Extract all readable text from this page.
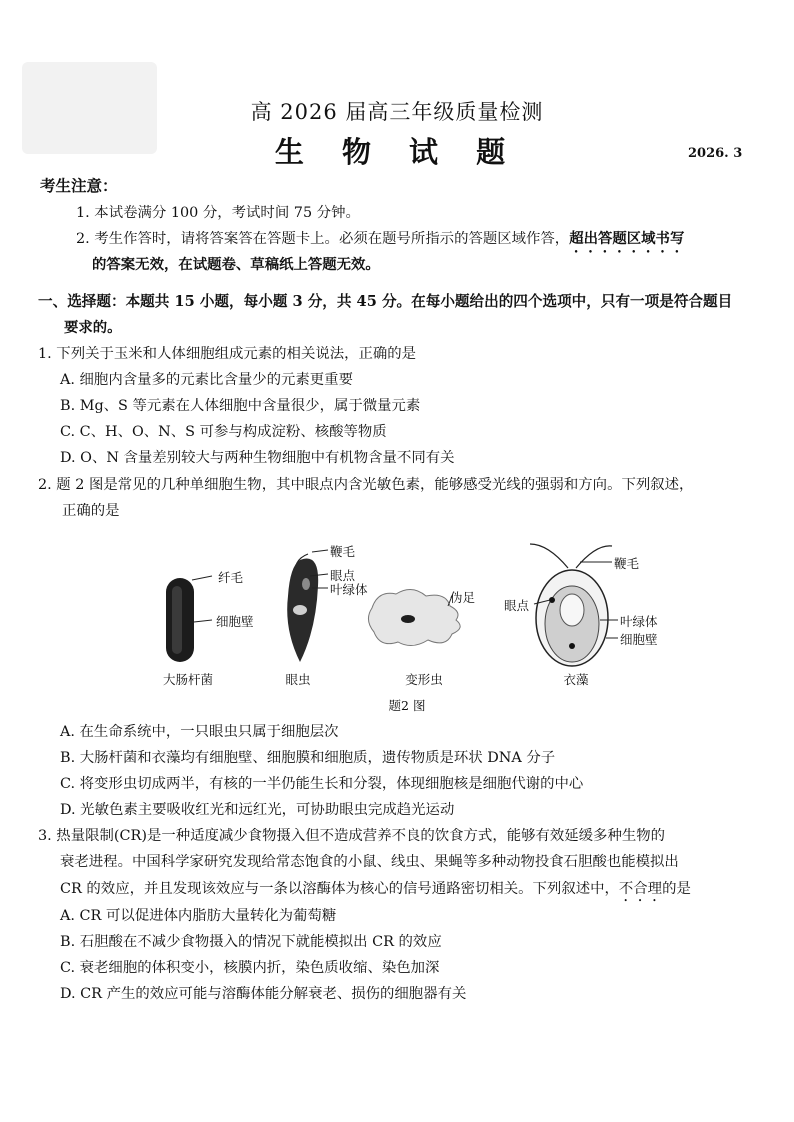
高 2026 届高三年级质量检测
生 物 试 题	2026. 3
考生注意：
1. 本试卷满分 100 分，考试时间 75 分钟。
2. 考生作答时，请将答案答在答题卡上。必须在题号所指示的答题区域作答，超出答题区域书写
的答案无效，在试题卷、草稿纸上答题无效。
一、选择题：本题共 15 小题，每小题 3 分，共 45 分。在每小题给出的四个选项中，只有一项是符合题目
要求的。
1. 下列关于玉米和人体细胞组成元素的相关说法，正确的是
A. 细胞内含量多的元素比含量少的元素更重要
B. Mg、S 等元素在人体细胞中含量很少，属于微量元素
C. C、H、O、N、S 可参与构成淀粉、核酸等物质
D. O、N 含量差别较大与两种生物细胞中有机物含量不同有关
2. 题 2 图是常见的几种单细胞生物，其中眼点内含光敏色素，能够感受光线的强弱和方向。下列叙述，
正确的是
纤毛
细胞壁
鞭毛
眼点
叶绿体
伪足
鞭毛
眼点
叶绿体
细胞壁
大肠杆菌	眼虫	变形虫	衣藻
题2 图
A. 在生命系统中，一只眼虫只属于细胞层次
B. 大肠杆菌和衣藻均有细胞壁、细胞膜和细胞质，遗传物质是环状 DNA 分子
C. 将变形虫切成两半，有核的一半仍能生长和分裂，体现细胞核是细胞代谢的中心
D. 光敏色素主要吸收红光和远红光，可协助眼虫完成趋光运动
3. 热量限制(CR)是一种适度减少食物摄入但不造成营养不良的饮食方式，能够有效延缓多种生物的
衰老进程。中国科学家研究发现给常态饱食的小鼠、线虫、果蝇等多种动物投食石胆酸也能模拟出
CR 的效应，并且发现该效应与一条以溶酶体为核心的信号通路密切相关。下列叙述中，不合理的是
A. CR 可以促进体内脂肪大量转化为葡萄糖
B. 石胆酸在不减少食物摄入的情况下就能模拟出 CR 的效应
C. 衰老细胞的体积变小，核膜内折，染色质收缩、染色加深
D. CR 产生的效应可能与溶酶体能分解衰老、损伤的细胞器有关
